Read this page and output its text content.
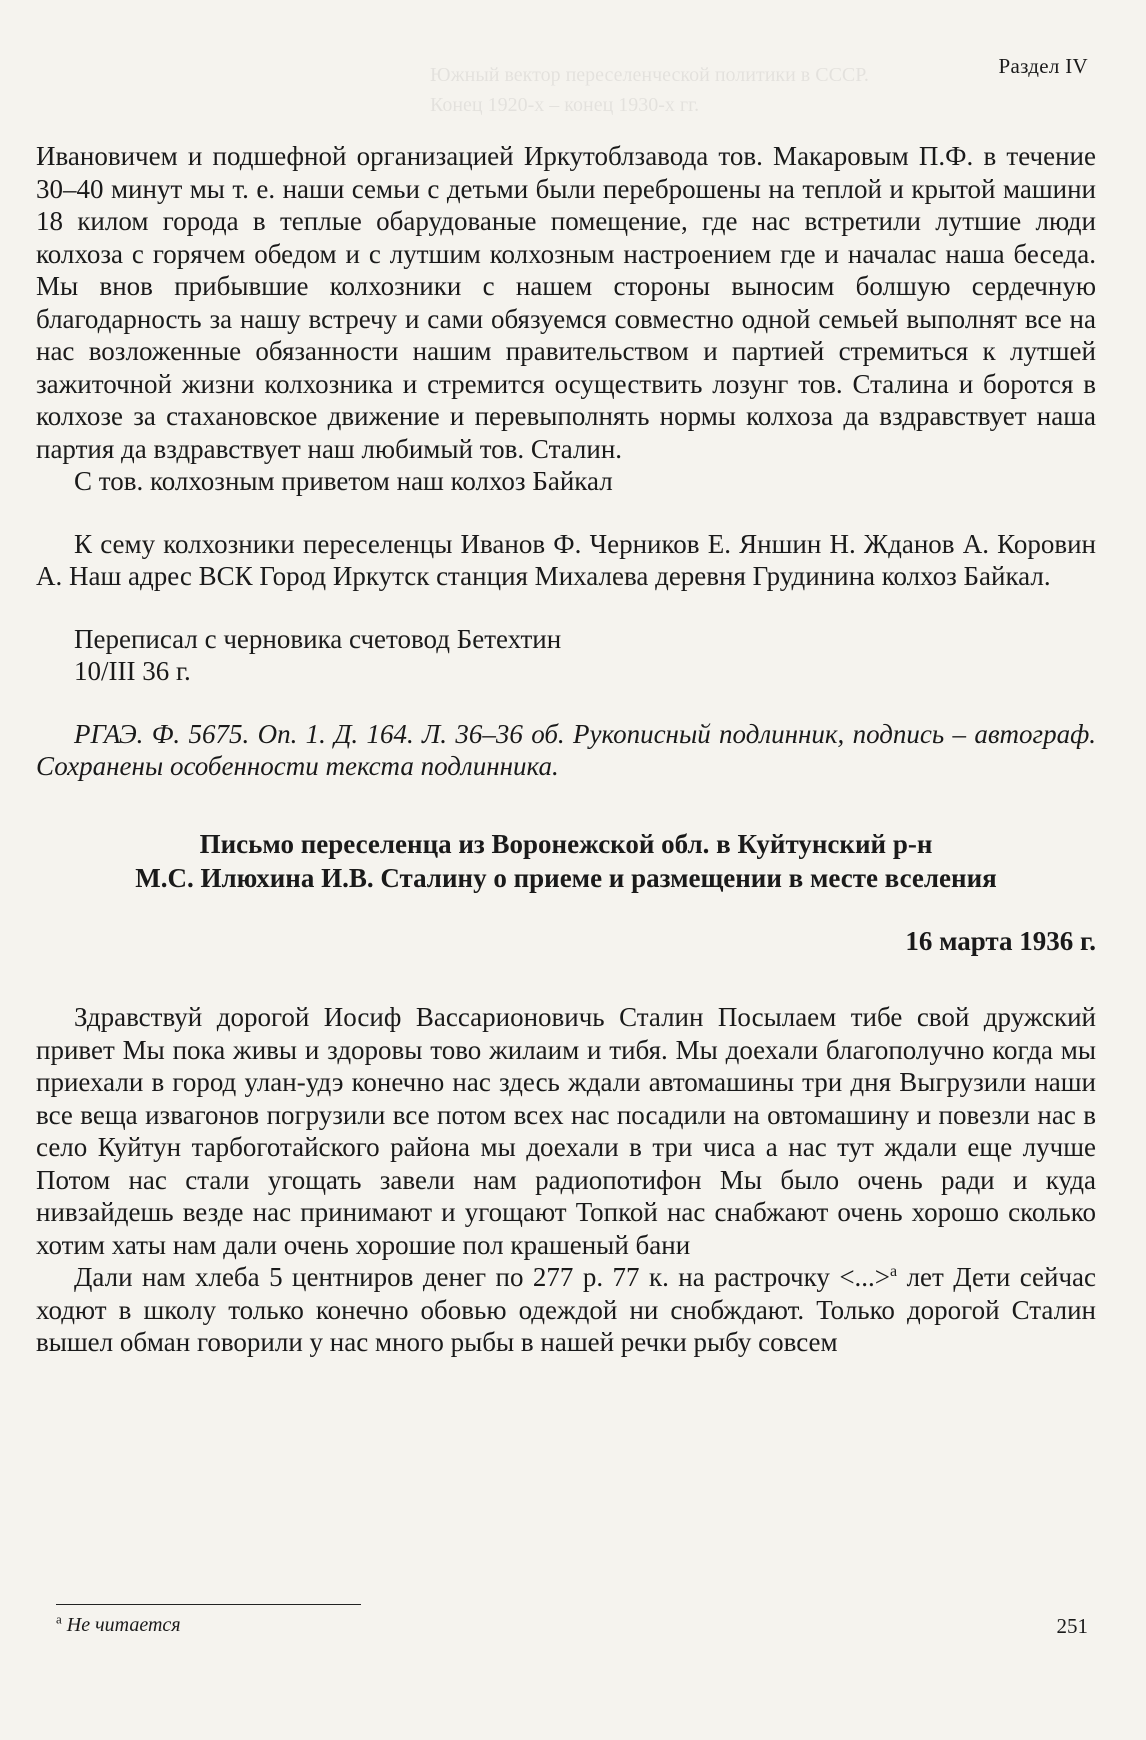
Южный вектор переселенческой политики в СССР.
Конец 1920-х – конец 1930-х гг.
Раздел IV

Ивановичем и подшефной организацией Иркутоблзавода тов. Макаровым П.Ф. в течение 30–40 минут мы т. е. наши семьи с детьми были переброшены на теплой и крытой машини 18 килом города в теплые обарудованые помещение, где нас встретили лутшие люди колхоза с горячем обедом и с лутшим колхозным настроением где и началас наша беседа. Мы внов прибывшие колхозники с нашем стороны выносим болшую сердечную благодарность за нашу встречу и сами обязуемся совместно одной семьей выполнят все на нас возложенные обязанности нашим правительством и партией стремиться к лутшей зажиточной жизни колхозника и стремится осуществить лозунг тов. Сталина и боротся в колхозе за стахановское движение и перевыполнять нормы колхоза да вздравствует наша партия да вздравствует наш любимый тов. Сталин.

С тов. колхозным приветом наш колхоз Байкал

К сему колхозники переселенцы Иванов Ф. Черников Е. Яншин Н. Жданов А. Коровин А. Наш адрес ВСК Город Иркутск станция Михалева деревня Грудинина колхоз Байкал.

Переписал с черновика счетовод Бетехтин

10/III 36 г.

РГАЭ. Ф. 5675. Оп. 1. Д. 164. Л. 36–36 об. Рукописный подлинник, подпись – автограф. Сохранены особенности текста подлинника.

Письмо переселенца из Воронежской обл. в Куйтунский р-н

М.С. Илюхина И.В. Сталину о приеме и размещении в месте вселения

16 марта 1936 г.

Здравствуй дорогой Иосиф Вассарионовичь Сталин Посылаем тибе свой дружский привет Мы пока живы и здоровы тово жилаим и тибя. Мы доехали благополучно когда мы приехали в город улан-удэ конечно нас здесь ждали автомашины три дня Выгрузили наши все веща извагонов погрузили все потом всех нас посадили на овтомашину и повезли нас в село Куйтун тарбоготайского района мы доехали в три чиса а нас тут ждали еще лучше Потом нас стали угощать завели нам радиопотифон Мы было очень ради и куда нивзайдешь везде нас принимают и угощают Топкой нас снабжают очень хорошо сколько хотим хаты нам дали очень хорошие пол крашеный бани

Дали нам хлеба 5 центниров денег по 277 р. 77 к. на растрочку <...>$^а$ лет Дети сейчас ходют в школу только конечно обовью одеждой ни снобждают. Только дорогой Сталин вышел обман говорили у нас много рыбы в нашей речки рыбу совсем

$^а$ Не читается	251
